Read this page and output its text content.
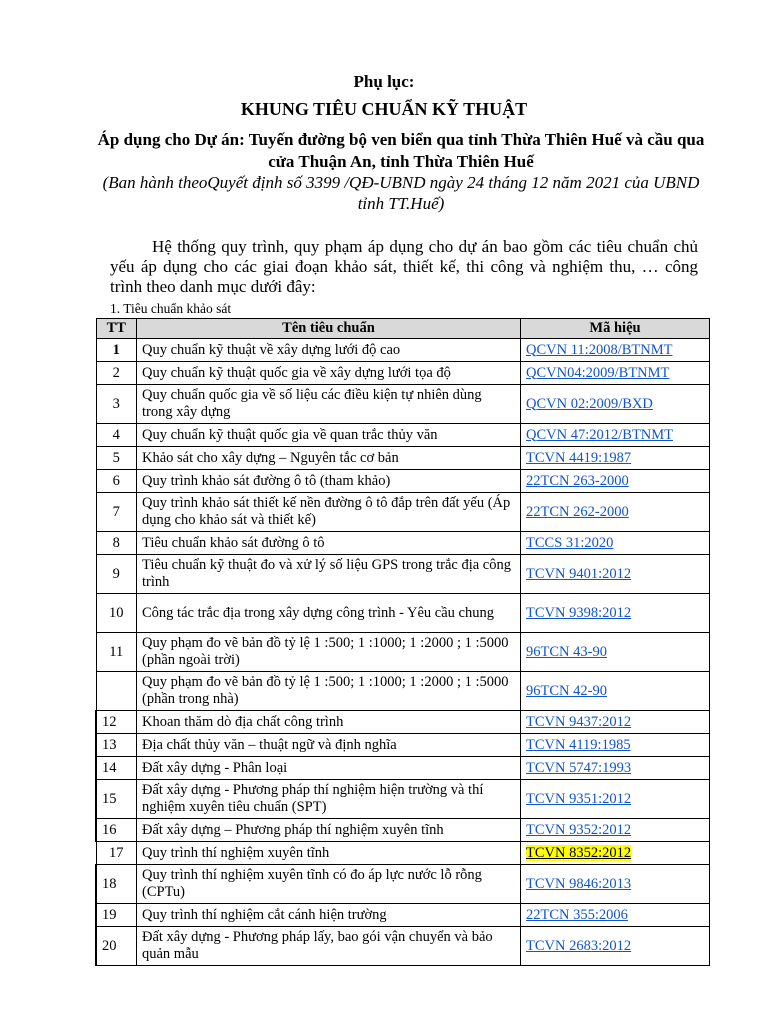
Phụ lục:
KHUNG TIÊU CHUẨN KỸ THUẬT
Áp dụng cho Dự án: Tuyến đường bộ ven biển qua tỉnh Thừa Thiên Huế và cầu qua cửa Thuận An, tỉnh Thừa Thiên Huế
(Ban hành theoQuyết định số 3399 /QĐ-UBND ngày 24 tháng 12 năm 2021 của UBND tỉnh TT.Huế)
Hệ thống quy trình, quy phạm áp dụng cho dự án bao gồm các tiêu chuẩn chủ yếu áp dụng cho các giai đoạn khảo sát, thiết kế, thi công và nghiệm thu, … công trình theo danh mục dưới đây:
1. Tiêu chuẩn khảo sát
TT	Tên tiêu chuẩn	Mã hiệu
1	Quy chuẩn kỹ thuật về xây dựng lưới độ cao	QCVN 11:2008/BTNMT
2	Quy chuẩn kỹ thuật quốc gia về xây dựng lưới tọa độ	QCVN04:2009/BTNMT
3	Quy chuẩn quốc gia về số liệu các điều kiện tự nhiên dùng trong xây dựng	QCVN 02:2009/BXD
4	Quy chuẩn kỹ thuật quốc gia về quan trắc thủy văn	QCVN 47:2012/BTNMT
5	Khảo sát cho xây dựng – Nguyên tắc cơ bản	TCVN 4419:1987
6	Quy trình khảo sát đường ô tô (tham khảo)	22TCN 263-2000
7	Quy trình khảo sát thiết kế nền đường ô tô đắp trên đất yếu (Áp dụng cho khảo sát và thiết kế)	22TCN 262-2000
8	Tiêu chuẩn khảo sát đường ô tô	TCCS 31:2020
9	Tiêu chuẩn kỹ thuật đo và xử lý số liệu GPS trong trắc địa công trình	TCVN 9401:2012
10	Công tác trắc địa trong xây dựng công trình - Yêu cầu chung	TCVN 9398:2012
11	Quy phạm đo vẽ bản đồ tỷ lệ 1 :500; 1 :1000; 1 :2000 ; 1 :5000 (phần ngoài trời)	96TCN 43-90
	Quy phạm đo vẽ bản đồ tỷ lệ 1 :500; 1 :1000; 1 :2000 ; 1 :5000 (phần trong nhà)	96TCN 42-90
12	Khoan thăm dò địa chất công trình	TCVN 9437:2012
13	Địa chất thủy văn – thuật ngữ và định nghĩa	TCVN 4119:1985
14	Đất xây dựng - Phân loại	TCVN 5747:1993
15	Đất xây dựng - Phương pháp thí nghiệm hiện trường và thí nghiệm xuyên tiêu chuẩn (SPT)	TCVN 9351:2012
16	Đất xây dựng – Phương pháp thí nghiệm xuyên tĩnh	TCVN 9352:2012
17	Quy trình thí nghiệm xuyên tĩnh	TCVN 8352:2012
18	Quy trình thí nghiệm xuyên tĩnh có đo áp lực nước lỗ rỗng (CPTu)	TCVN 9846:2013
19	Quy trình thí nghiệm cắt cánh hiện trường	22TCN 355:2006
20	Đất xây dựng - Phương pháp lấy, bao gói vận chuyển và bảo quản mẫu	TCVN 2683:2012
